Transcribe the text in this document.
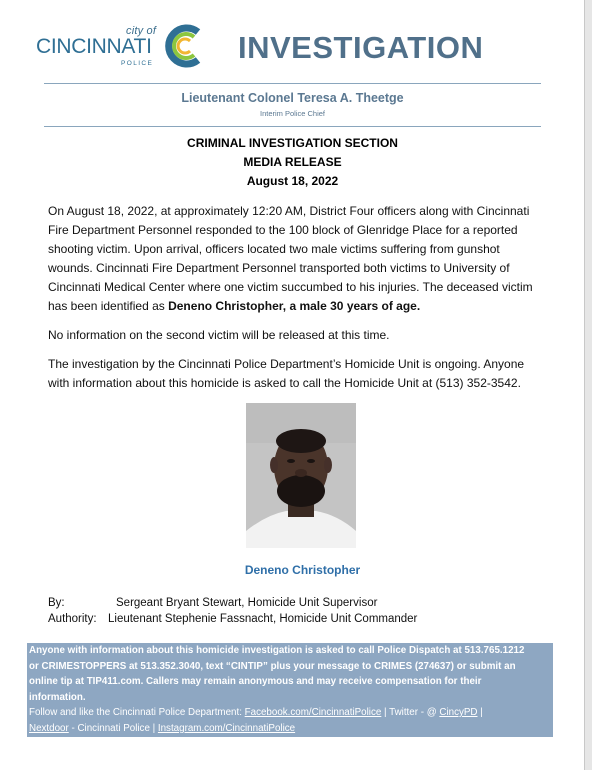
city of
CINCINNATI
POLICE	INVESTIGATION
Lieutenant Colonel Teresa A. Theetge
Interim Police Chief
CRIMINAL INVESTIGATION SECTION
MEDIA RELEASE
August 18, 2022
On August 18, 2022, at approximately 12:20 AM, District Four officers along with Cincinnati
Fire Department Personnel responded to the 100 block of Glenridge Place for a reported
shooting victim. Upon arrival, officers located two male victims suffering from gunshot
wounds. Cincinnati Fire Department Personnel transported both victims to University of
Cincinnati Medical Center where one victim succumbed to his injuries. The deceased victim
has been identified as Deneno Christopher, a male 30 years of age.
No information on the second victim will be released at this time.
The investigation by the Cincinnati Police Department’s Homicide Unit is ongoing. Anyone
with information about this homicide is asked to call the Homicide Unit at (513) 352-3542.
Deneno Christopher
By:	Sergeant Bryant Stewart, Homicide Unit Supervisor
Authority: Lieutenant Stephenie Fassnacht, Homicide Unit Commander
Anyone with information about this homicide investigation is asked to call Police Dispatch at 513.765.1212
or CRIMESTOPPERS at 513.352.3040, text “CINTIP” plus your message to CRIMES (274637) or submit an
online tip at TIP411.com. Callers may remain anonymous and may receive compensation for their
information.
Follow and like the Cincinnati Police Department: Facebook.com/CincinnatiPolice | Twitter - @ CincyPD |
Nextdoor - Cincinnati Police | Instagram.com/CincinnatiPolice
